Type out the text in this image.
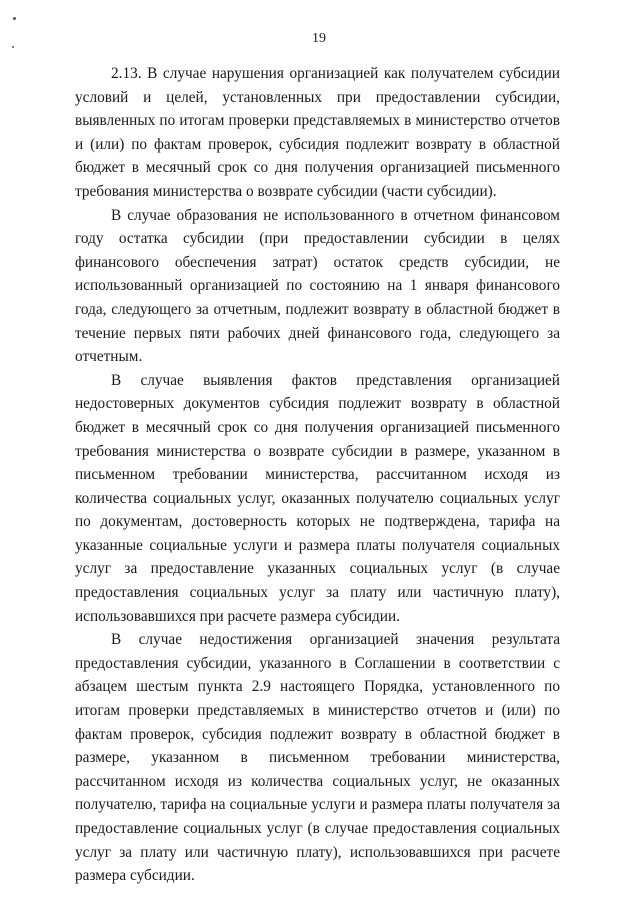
19

2.13. В случае нарушения организацией как получателем субсидии условий и целей, установленных при предоставлении субсидии, выявленных по итогам проверки представляемых в министерство отчетов и (или) по фактам проверок, субсидия подлежит возврату в областной бюджет в месячный срок со дня получения организацией письменного требования министерства о возврате субсидии (части субсидии).

В случае образования не использованного в отчетном финансовом году остатка субсидии (при предоставлении субсидии в целях финансового обеспечения затрат) остаток средств субсидии, не использованный организацией по состоянию на 1 января финансового года, следующего за отчетным, подлежит возврату в областной бюджет в течение первых пяти рабочих дней финансового года, следующего за отчетным.

В случае выявления фактов представления организацией недостоверных документов субсидия подлежит возврату в областной бюджет в месячный срок со дня получения организацией письменного требования министерства о возврате субсидии в размере, указанном в письменном требовании министерства, рассчитанном исходя из количества социальных услуг, оказанных получателю социальных услуг по документам, достоверность которых не подтверждена, тарифа на указанные социальные услуги и размера платы получателя социальных услуг за предоставление указанных социальных услуг (в случае предоставления социальных услуг за плату или частичную плату), использовавшихся при расчете размера субсидии.

В случае недостижения организацией значения результата предоставления субсидии, указанного в Соглашении в соответствии с абзацем шестым пункта 2.9 настоящего Порядка, установленного по итогам проверки представляемых в министерство отчетов и (или) по фактам проверок, субсидия подлежит возврату в областной бюджет в размере, указанном в письменном требовании министерства, рассчитанном исходя из количества социальных услуг, не оказанных получателю, тарифа на социальные услуги и размера платы получателя за предоставление социальных услуг (в случае предоставления социальных услуг за плату или частичную плату), использовавшихся при расчете размера субсидии.
